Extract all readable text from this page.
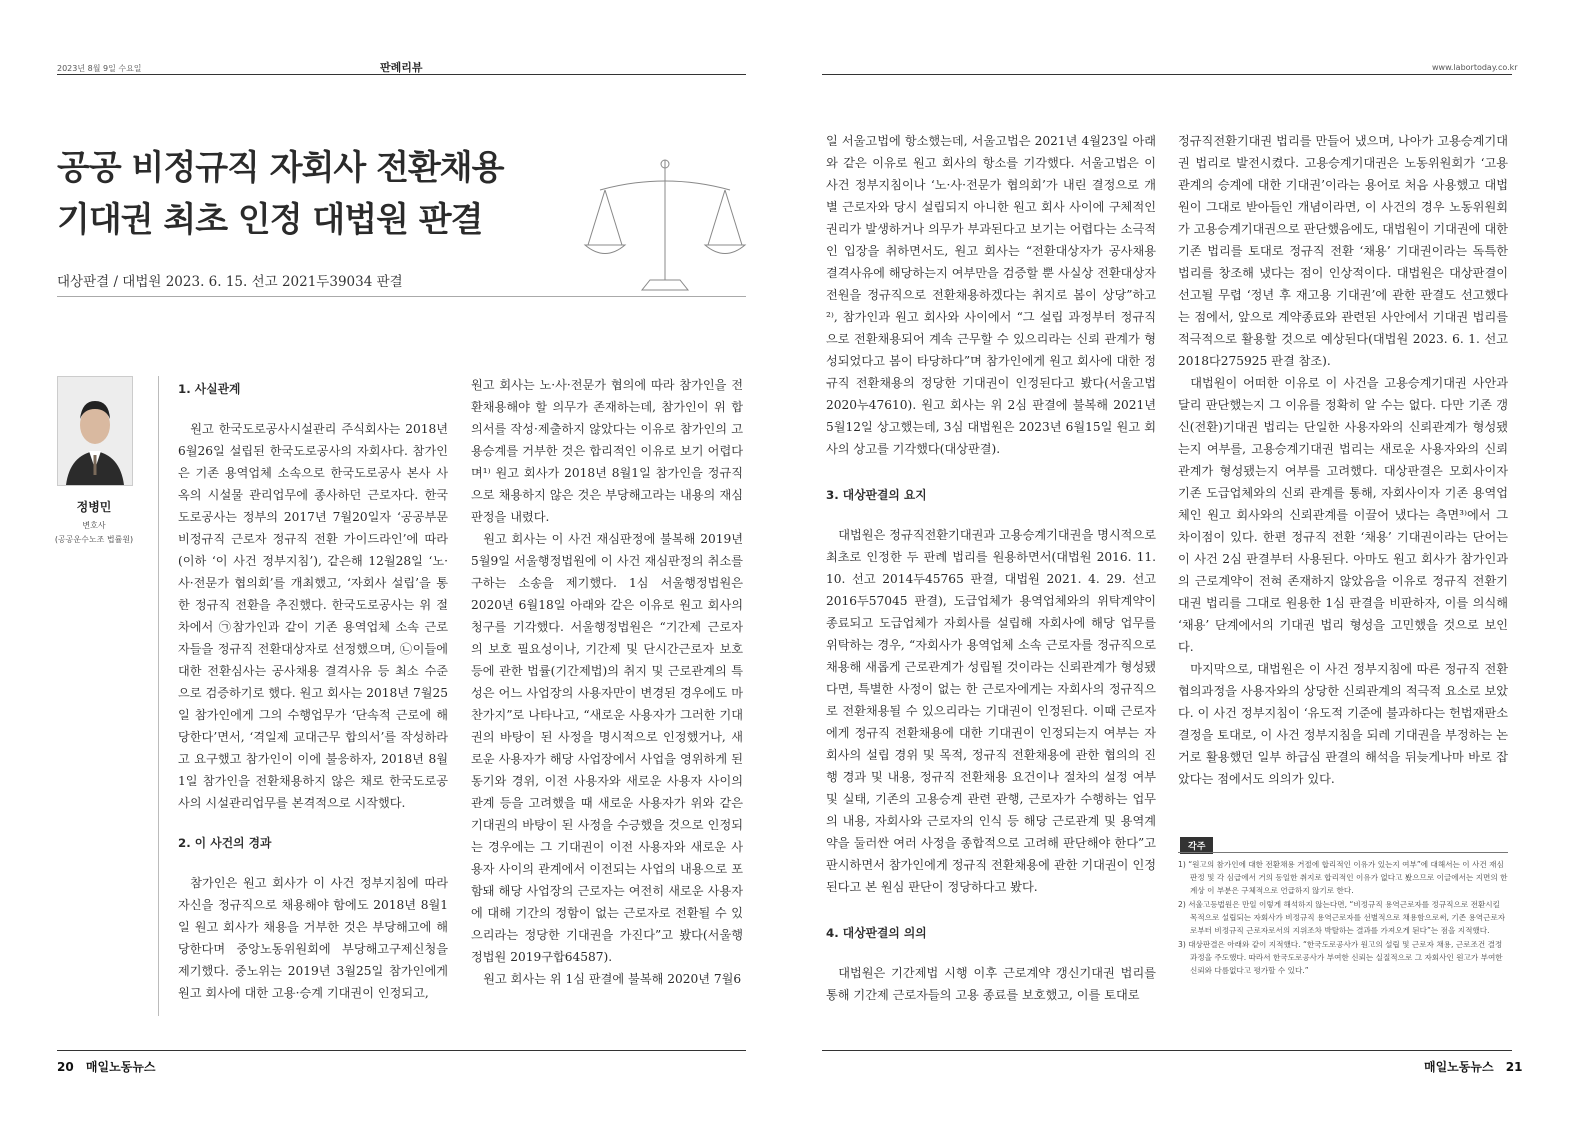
2023년 8월 9일 수요일	판례리뷰	www.labortoday.co.kr
공공 비정규직 자회사 전환채용
기대권 최초 인정 대법원 판결
대상판결 / 대법원 2023. 6. 15. 선고 2021두39034 판결
정병민
변호사
(공공운수노조 법률원)
1. 사실관계

원고 한국도로공사시설관리 주식회사는 2018년 6월26일 설립된 한국도로공사의 자회사다. 참가인은 기존 용역업체 소속으로 한국도로공사 본사 사옥의 시설물 관리업무에 종사하던 근로자다. 한국도로공사는 정부의 2017년 7월20일자 ‘공공부문 비정규직 근로자 정규직 전환 가이드라인’에 따라(이하 ‘이 사건 정부지침’), 같은해 12월28일 ‘노·사·전문가 협의회’를 개최했고, ‘자회사 설립’을 통한 정규직 전환을 추진했다. 한국도로공사는 위 절차에서 ㉠참가인과 같이 기존 용역업체 소속 근로자들을 정규직 전환대상자로 선정했으며, ㉡이들에 대한 전환심사는 공사채용 결격사유 등 최소 수준으로 검증하기로 했다. 원고 회사는 2018년 7월25일 참가인에게 그의 수행업무가 ‘단속적 근로에 해당한다’면서, ‘격일제 교대근무 합의서’를 작성하라고 요구했고 참가인이 이에 불응하자, 2018년 8월1일 참가인을 전환채용하지 않은 채로 한국도로공사의 시설관리업무를 본격적으로 시작했다.

2. 이 사건의 경과

참가인은 원고 회사가 이 사건 정부지침에 따라 자신을 정규직으로 채용해야 함에도 2018년 8월1일 원고 회사가 채용을 거부한 것은 부당해고에 해당한다며 중앙노동위원회에 부당해고구제신청을 제기했다. 중노위는 2019년 3월25일 참가인에게 원고 회사에 대한 고용·승계 기대권이 인정되고,

원고 회사는 노·사·전문가 협의에 따라 참가인을 전환채용해야 할 의무가 존재하는데, 참가인이 위 합의서를 작성·제출하지 않았다는 이유로 참가인의 고용승계를 거부한 것은 합리적인 이유로 보기 어렵다며¹⁾ 원고 회사가 2018년 8월1일 참가인을 정규직으로 채용하지 않은 것은 부당해고라는 내용의 재심판정을 내렸다.

원고 회사는 이 사건 재심판정에 불복해 2019년 5월9일 서울행정법원에 이 사건 재심판정의 취소를 구하는 소송을 제기했다. 1심 서울행정법원은 2020년 6월18일 아래와 같은 이유로 원고 회사의 청구를 기각했다. 서울행정법원은 “기간제 근로자의 보호 필요성이나, 기간제 및 단시간근로자 보호 등에 관한 법률(기간제법)의 취지 및 근로관계의 특성은 어느 사업장의 사용자만이 변경된 경우에도 마찬가지”로 나타나고, “새로운 사용자가 그러한 기대권의 바탕이 된 사정을 명시적으로 인정했거나, 새로운 사용자가 해당 사업장에서 사업을 영위하게 된 동기와 경위, 이전 사용자와 새로운 사용자 사이의 관계 등을 고려했을 때 새로운 사용자가 위와 같은 기대권의 바탕이 된 사정을 수긍했을 것으로 인정되는 경우에는 그 기대권이 이전 사용자와 새로운 사용자 사이의 관계에서 이전되는 사업의 내용으로 포함돼 해당 사업장의 근로자는 여전히 새로운 사용자에 대해 기간의 정함이 없는 근로자로 전환될 수 있으리라는 정당한 기대권을 가진다”고 봤다(서울행정법원 2019구합64587).

원고 회사는 위 1심 판결에 불복해 2020년 7월6

일 서울고법에 항소했는데, 서울고법은 2021년 4월23일 아래와 같은 이유로 원고 회사의 항소를 기각했다. 서울고법은 이 사건 정부지침이나 ‘노·사·전문가 협의회’가 내린 결정으로 개별 근로자와 당시 설립되지 아니한 원고 회사 사이에 구체적인 권리가 발생하거나 의무가 부과된다고 보기는 어렵다는 소극적인 입장을 취하면서도, 원고 회사는 “전환대상자가 공사채용 결격사유에 해당하는지 여부만을 검증할 뿐 사실상 전환대상자 전원을 정규직으로 전환채용하겠다는 취지로 봄이 상당”하고²⁾, 참가인과 원고 회사와 사이에서 “그 설립 과정부터 정규직으로 전환채용되어 계속 근무할 수 있으리라는 신뢰 관계가 형성되었다고 봄이 타당하다”며 참가인에게 원고 회사에 대한 정규직 전환채용의 정당한 기대권이 인정된다고 봤다(서울고법 2020누47610). 원고 회사는 위 2심 판결에 불복해 2021년 5월12일 상고했는데, 3심 대법원은 2023년 6월15일 원고 회사의 상고를 기각했다(대상판결).

3. 대상판결의 요지

대법원은 정규직전환기대권과 고용승계기대권을 명시적으로 최초로 인정한 두 판례 법리를 원용하면서(대법원 2016. 11. 10. 선고 2014두45765 판결, 대법원 2021. 4. 29. 선고 2016두57045 판결), 도급업체가 용역업체와의 위탁계약이 종료되고 도급업체가 자회사를 설립해 자회사에 해당 업무를 위탁하는 경우, “자회사가 용역업체 소속 근로자를 정규직으로 채용해 새롭게 근로관계가 성립될 것이라는 신뢰관계가 형성됐다면, 특별한 사정이 없는 한 근로자에게는 자회사의 정규직으로 전환채용될 수 있으리라는 기대권이 인정된다. 이때 근로자에게 정규직 전환채용에 대한 기대권이 인정되는지 여부는 자회사의 설립 경위 및 목적, 정규직 전환채용에 관한 협의의 진행 경과 및 내용, 정규직 전환채용 요건이나 절차의 설정 여부 및 실태, 기존의 고용승계 관련 관행, 근로자가 수행하는 업무의 내용, 자회사와 근로자의 인식 등 해당 근로관계 및 용역계약을 둘러싼 여러 사정을 종합적으로 고려해 판단해야 한다”고 판시하면서 참가인에게 정규직 전환채용에 관한 기대권이 인정된다고 본 원심 판단이 정당하다고 봤다.

4. 대상판결의 의의

대법원은 기간제법 시행 이후 근로계약 갱신기대권 법리를 통해 기간제 근로자들의 고용 종료를 보호했고, 이를 토대로

정규직전환기대권 법리를 만들어 냈으며, 나아가 고용승계기대권 법리로 발전시켰다. 고용승계기대권은 노동위원회가 ‘고용관계의 승계에 대한 기대권’이라는 용어로 처음 사용했고 대법원이 그대로 받아들인 개념이라면, 이 사건의 경우 노동위원회가 고용승계기대권으로 판단했음에도, 대법원이 기대권에 대한 기존 법리를 토대로 정규직 전환 ‘채용’ 기대권이라는 독특한 법리를 창조해 냈다는 점이 인상적이다. 대법원은 대상판결이 선고될 무렵 ‘정년 후 재고용 기대권’에 관한 판결도 선고했다는 점에서, 앞으로 계약종료와 관련된 사안에서 기대권 법리를 적극적으로 활용할 것으로 예상된다(대법원 2023. 6. 1. 선고 2018다275925 판결 참조).

대법원이 어떠한 이유로 이 사건을 고용승계기대권 사안과 달리 판단했는지 그 이유를 정확히 알 수는 없다. 다만 기존 갱신(전환)기대권 법리는 단일한 사용자와의 신뢰관계가 형성됐는지 여부를, 고용승계기대권 법리는 새로운 사용자와의 신뢰관계가 형성됐는지 여부를 고려했다. 대상판결은 모회사이자 기존 도급업체와의 신뢰 관계를 통해, 자회사이자 기존 용역업체인 원고 회사와의 신뢰관계를 이끌어 냈다는 측면³⁾에서 그 차이점이 있다. 한편 정규직 전환 ‘채용’ 기대권이라는 단어는 이 사건 2심 판결부터 사용된다. 아마도 원고 회사가 참가인과의 근로계약이 전혀 존재하지 않았음을 이유로 정규직 전환기대권 법리를 그대로 원용한 1심 판결을 비판하자, 이를 의식해 ‘채용’ 단계에서의 기대권 법리 형성을 고민했을 것으로 보인다.

마지막으로, 대법원은 이 사건 정부지침에 따른 정규직 전환 협의과정을 사용자와의 상당한 신뢰관계의 적극적 요소로 보았다. 이 사건 정부지침이 ‘유도적 기준에 불과하다는 헌법재판소 결정을 토대로, 이 사건 정부지침을 되레 기대권을 부정하는 논거로 활용했던 일부 하급심 판결의 해석을 뒤늦게나마 바로 잡았다는 점에서도 의의가 있다.

각주

1) “원고의 참가인에 대한 전환채용 거절에 합리적인 이유가 있는지 여부”에 대해서는 이 사건 재심판정 및 각 심급에서 거의 동일한 취지로 합리적인 이유가 없다고 봤으므로 이글에서는 지면의 한계상 이 부분은 구체적으로 언급하지 않기로 한다.

2) 서울고등법원은 만일 이렇게 해석하지 않는다면, “비정규직 용역근로자를 정규직으로 전환시킬 목적으로 설립되는 자회사가 비정규직 용역근로자를 선별적으로 채용함으로써, 기존 용역근로자로부터 비정규직 근로자로서의 지위조차 박탈하는 결과를 가져오게 된다”는 점을 지적했다.

3) 대상판결은 아래와 같이 지적했다. “한국도로공사가 원고의 설립 및 근로자 채용, 근로조건 결정 과정을 주도했다. 따라서 한국도로공사가 부여한 신뢰는 실질적으로 그 자회사인 원고가 부여한 신뢰와 다름없다고 평가할 수 있다.”

20 매일노동뉴스	매일노동뉴스 21
